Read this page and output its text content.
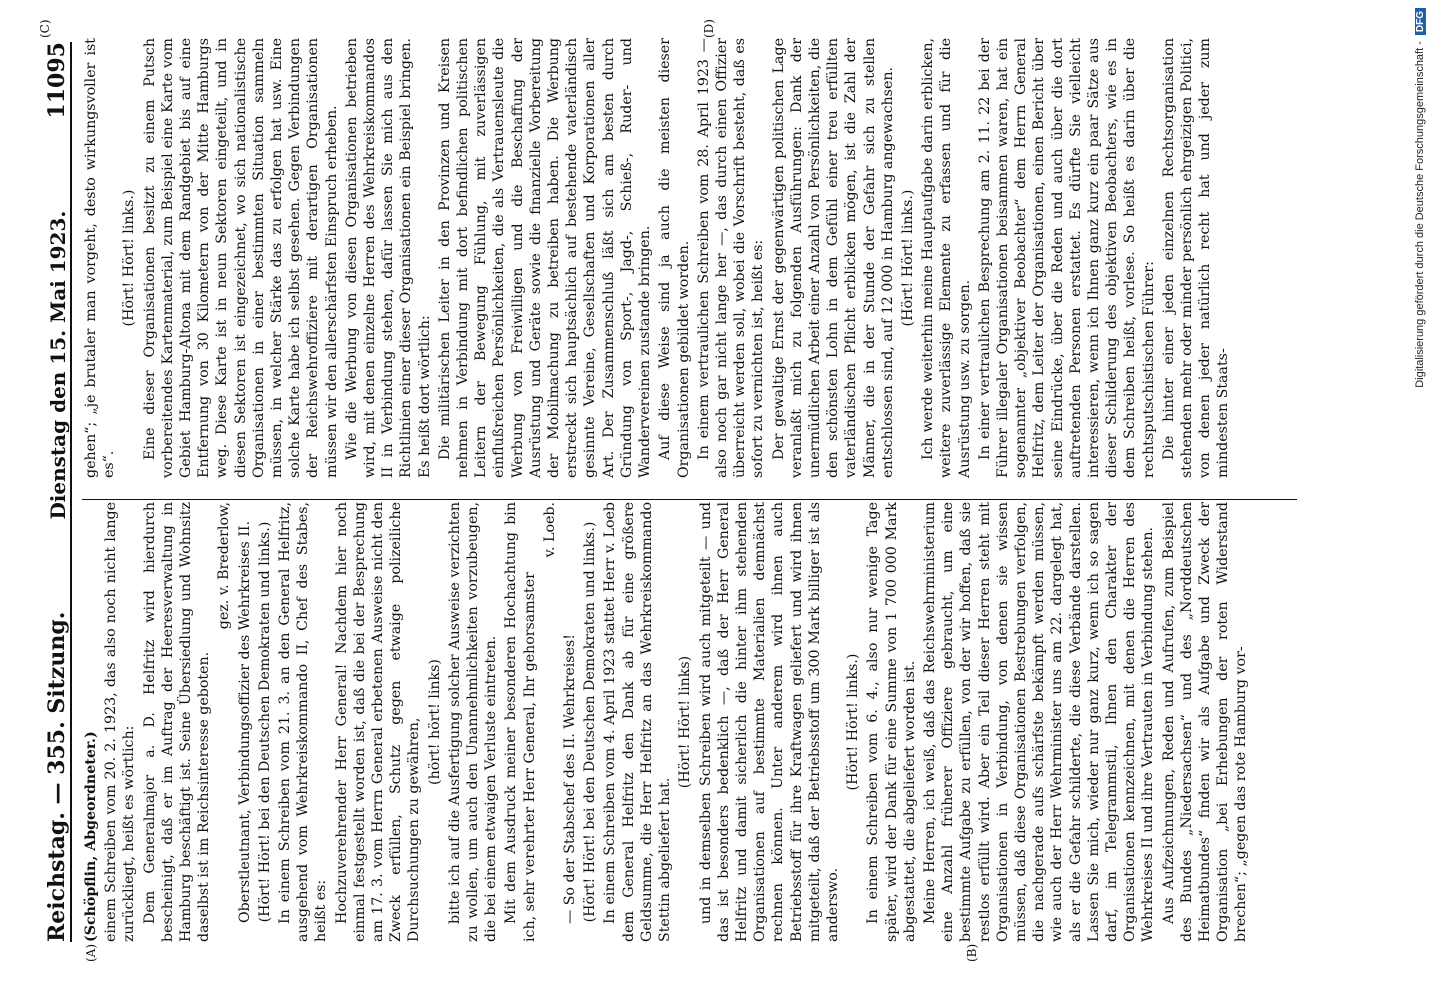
Reichstag. — 355. Sitzung.
Dienstag den 15. Mai 1923.
11095
(A)	(B)
(C)	(D)

(Schöpflin, Abgeordneter.) einem Schreiben vom 20. 2. 1923, das also noch nicht lange zurückliegt, heißt es wörtlich: Dem Generalmajor a. D. Helfritz wird hierdurch bescheinigt, daß er im Auftrag der Heeresverwaltung in Hamburg beschäftigt ist. Seine Übersiedlung und Wohnsitz daselbst ist im Reichsinteresse geboten.

gez. v. Brederlow, Oberstleutnant, Verbindungsoffizier des Wehrkreises II. (Hört! Hört! bei den Deutschen Demokraten und links.) In einem Schreiben vom 21. 3. an den General Helfritz, ausgehend vom Wehrkreiskommando II, Chef des Stabes, heißt es: Hochzuverehrender Herr General! Nachdem hier noch einmal festgestellt worden ist, daß die bei der Besprechung am 17. 3. vom Herrn General erbetenen Ausweise nicht den Zweck erfüllen, Schutz gegen etwaige polizeiliche Durchsuchungen zu gewähren, (hört! hört! links) bitte ich auf die Ausfertigung solcher Ausweise verzichten zu wollen, um auch den Unannehmlichkeiten vorzubeugen, die bei einem etwaigen Verluste eintreten. Mit dem Ausdruck meiner besonderen Hochachtung bin ich, sehr verehrter Herr General, Ihr gehorsamster

v. Loeb.

— So der Stabschef des II. Wehrkreises! (Hört! Hört! bei den Deutschen Demokraten und links.) In einem Schreiben vom 4. April 1923 stattet Herr v. Loeb dem General Helfritz den Dank ab für eine größere Geldsumme, die Herr Helfritz an das Wehrkreiskommando Stettin abgeliefert hat.

(Hört! Hört! links) und in demselben Schreiben wird auch mitgeteilt — und das ist besonders bedenklich —, daß der Herr General Helfritz und damit sicherlich die hinter ihm stehenden Organisationen auf bestimmte Materialien demnächst rechnen können. Unter anderem wird ihnen auch Betriebsstoff für ihre Kraftwagen geliefert und wird ihnen mitgeteilt, daß der Betriebsstoff um 300 Mark billiger ist als anderswo.

(Hört! Hört! links.) In einem Schreiben vom 6. 4., also nur wenige Tage später, wird der Dank für eine Summe von 1 700 000 Mark abgestattet, die abgeliefert worden ist. Meine Herren, ich weiß, daß das Reichswehrministerium eine Anzahl früherer Offiziere gebraucht, um eine bestimmte Aufgabe zu erfüllen, von der wir hoffen, daß sie restlos erfüllt wird. Aber ein Teil dieser Herren steht mit Organisationen in Verbindung, von denen sie wissen müssen, daß diese Organisationen Bestrebungen verfolgen, die nachgerade aufs schärfste bekämpft werden müssen, wie auch der Herr Wehrminister uns am 22. dargelegt hat, als er die Gefahr schilderte, die diese Verbände darstellen. Lassen Sie mich, wieder nur ganz kurz, wenn ich so sagen darf, im Telegrammstil, Ihnen den Charakter der Organisationen kennzeichnen, mit denen die Herren des Wehrkreises II und ihre Vertrauten in Verbindung stehen. Aus Aufzeichnungen, Reden und Aufrufen, zum Beispiel des Bundes „Niedersachsen“ und des „Norddeutschen Heimatbundes“ finden wir als Aufgabe und Zweck der Organisation „bei Erhebungen der roten Widerstand brechen“; „gegen das rote Hamburg vor-

gehen“; „je brutaler man vorgeht, desto wirkungsvoller ist es“.

(Hört! Hört! links.) Eine dieser Organisationen besitzt zu einem Putsch vorbereitendes Kartenmaterial, zum Beispiel eine Karte vom Gebiet Hamburg-Altona mit dem Randgebiet bis auf eine Entfernung von 30 Kilometern von der Mitte Hamburgs weg. Diese Karte ist in neun Sektoren eingeteilt, und in diesen Sektoren ist eingezeichnet, wo sich nationalistische Organisationen in einer bestimmten Situation sammeln müssen, in welcher Stärke das zu erfolgen hat usw. Eine solche Karte habe ich selbst gesehen. Gegen Verbindungen der Reichswehroffiziere mit derartigen Organisationen müssen wir den allerschärfsten Einspruch erheben. Wie die Werbung von diesen Organisationen betrieben wird, mit denen einzelne Herren des Wehrkreiskommandos II in Verbindung stehen, dafür lassen Sie mich aus den Richtlinien einer dieser Organisationen ein Beispiel bringen. Es heißt dort wörtlich: Die militärischen Leiter in den Provinzen und Kreisen nehmen in Verbindung mit dort befindlichen politischen Leitern der Bewegung Fühlung, mit zuverlässigen einflußreichen Persönlichkeiten, die als Vertrauensleute die Werbung von Freiwilligen und die Beschaffung der Ausrüstung und Geräte sowie die finanzielle Vorbereitung der Mobilmachung zu betreiben haben. Die Werbung erstreckt sich hauptsächlich auf bestehende vaterländisch gesinnte Vereine, Gesellschaften und Korporationen aller Art. Der Zusammenschluß läßt sich am besten durch Gründung von Sport-, Jagd-, Schieß-, Ruder- und Wandervereinen zustande bringen. Auf diese Weise sind ja auch die meisten dieser Organisationen gebildet worden. In einem vertraulichen Schreiben vom 28. April 1923 — also noch gar nicht lange her —, das durch einen Offizier überreicht werden soll, wobei die Vorschrift besteht, daß es sofort zu vernichten ist, heißt es: Der gewaltige Ernst der gegenwärtigen politischen Lage veranlaßt mich zu folgenden Ausführungen: Dank der unermüdlichen Arbeit einer Anzahl von Persönlichkeiten, die den schönsten Lohn in dem Gefühl einer treu erfüllten vaterländischen Pflicht erblicken mögen, ist die Zahl der Männer, die in der Stunde der Gefahr sich zu stellen entschlossen sind, auf 12 000 in Hamburg angewachsen. (Hört! Hört! links.) Ich werde weiterhin meine Hauptaufgabe darin erblicken, weitere zuverlässige Elemente zu erfassen und für die Ausrüstung usw. zu sorgen. In einer vertraulichen Besprechung am 2. 11. 22 bei der Führer illegaler Organisationen beisammen waren, hat ein sogenannter „objektiver Beobachter“ dem Herrn General Helfritz, dem Leiter der Organisationen, einen Bericht über seine Eindrücke, über die Reden und auch über die dort auftretenden Personen erstattet. Es dürfte Sie vielleicht interessieren, wenn ich Ihnen ganz kurz ein paar Sätze aus dieser Schilderung des objektiven Beobachters, wie es in dem Schreiben heißt, vorlese. So heißt es darin über die rechtsputschistischen Führer: Die hinter einer jeden einzelnen Rechtsorganisation stehenden mehr oder minder persönlich ehrgeizigen Politici, von denen jeder natürlich recht hat und jeder zum mindesten Staats-

Digitalisierung gefördert durch die Deutsche Forschungsgemeinschaft -
DFG
